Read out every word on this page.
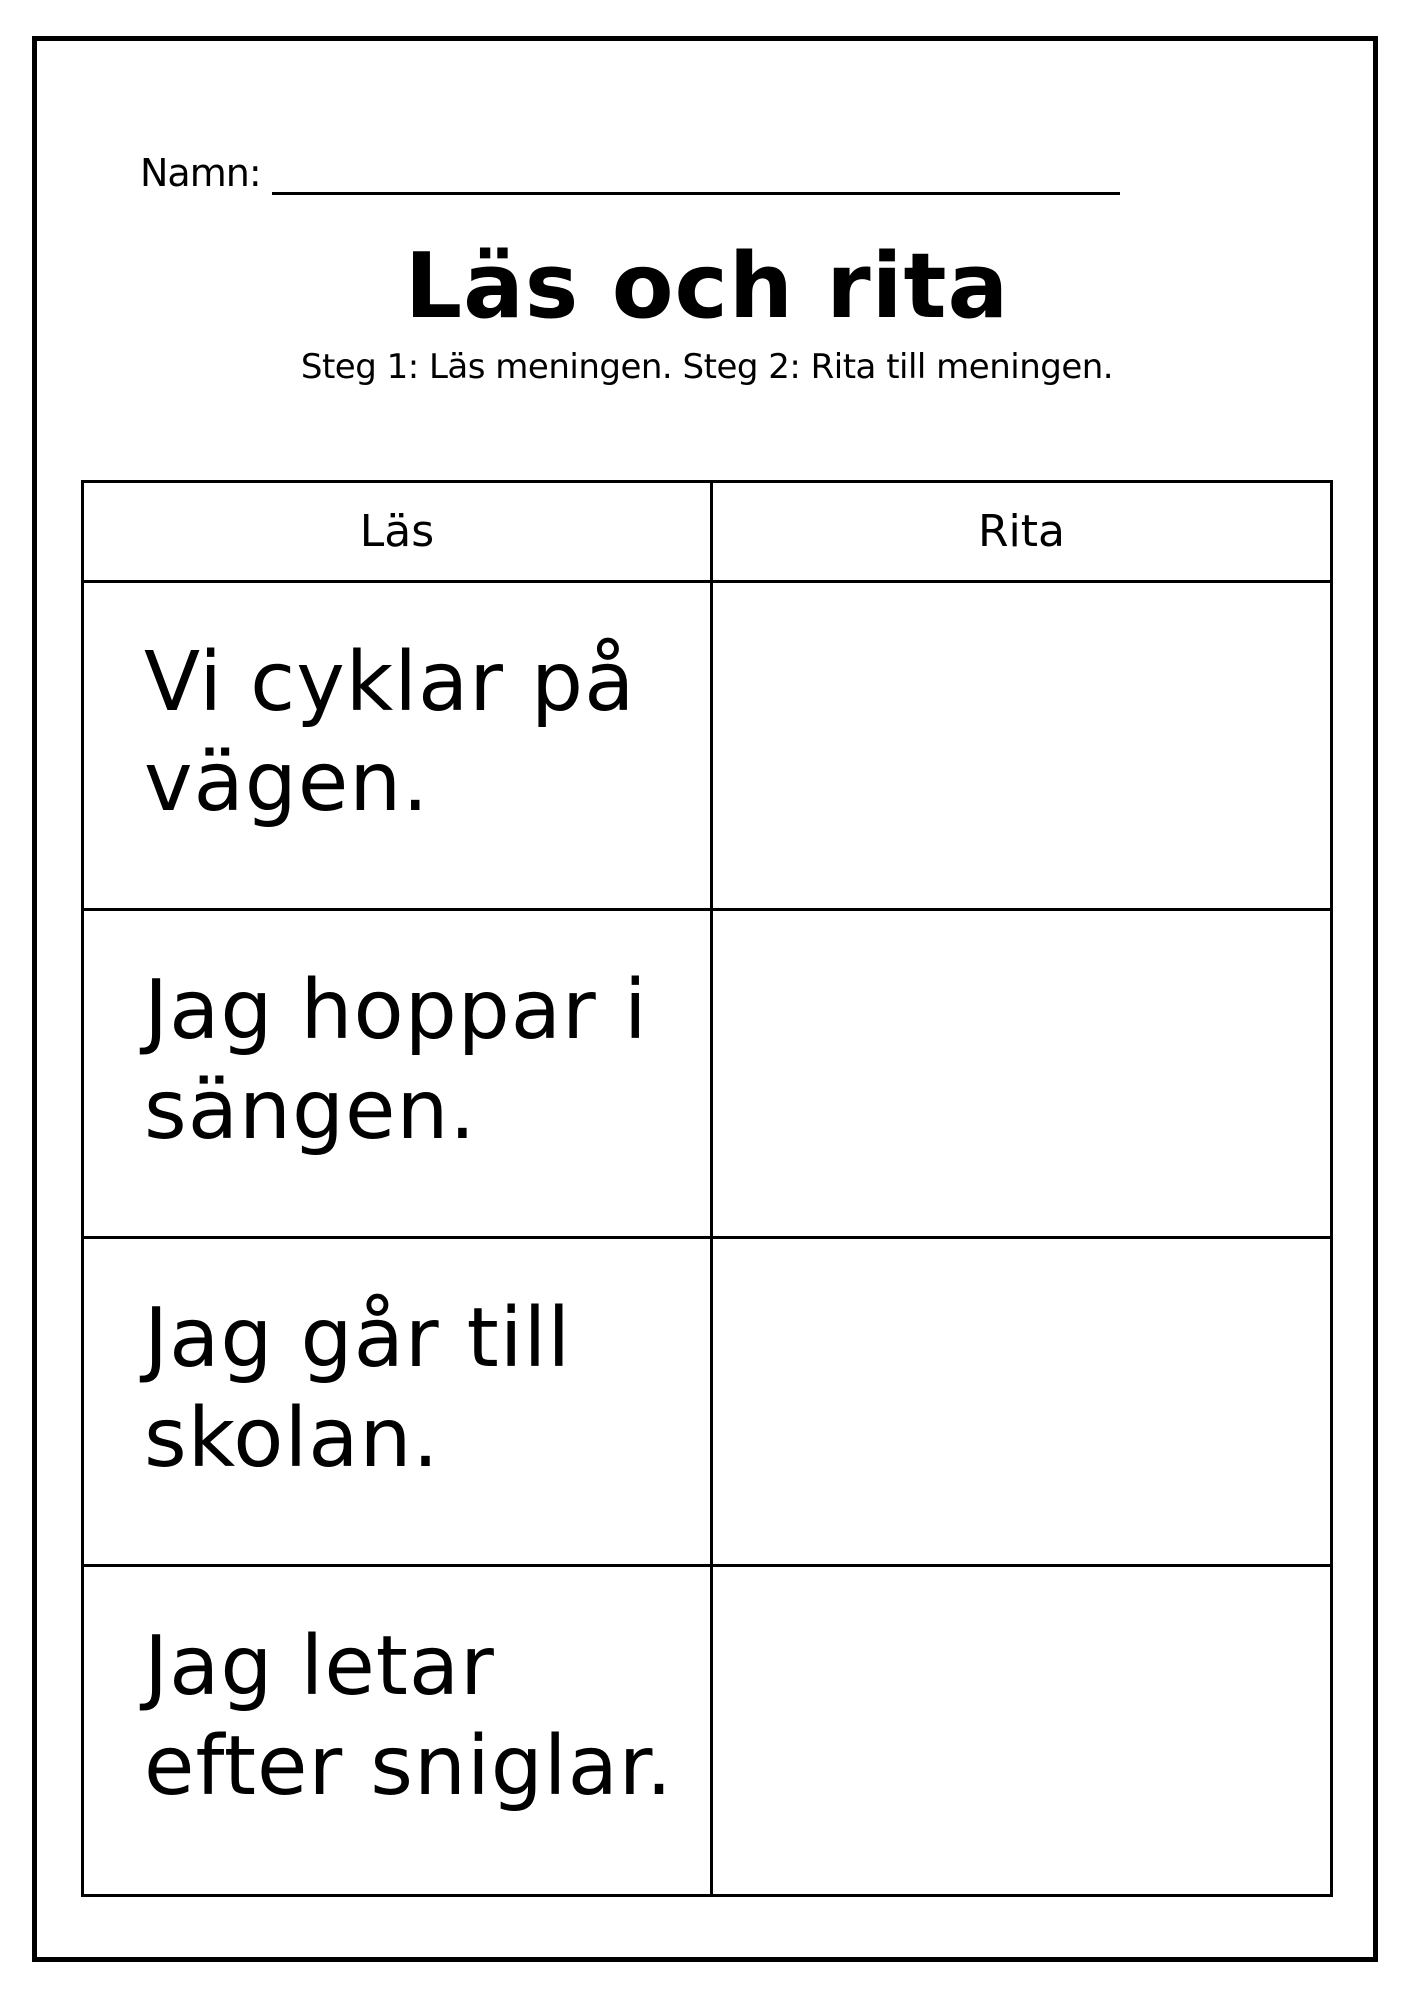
Namn:
Läs och rita
Steg 1: Läs meningen. Steg 2: Rita till meningen.
Läs	Rita
Vi cyklar på vägen.
Jag hoppar i sängen.
Jag går till skolan.
Jag letar efter sniglar.
